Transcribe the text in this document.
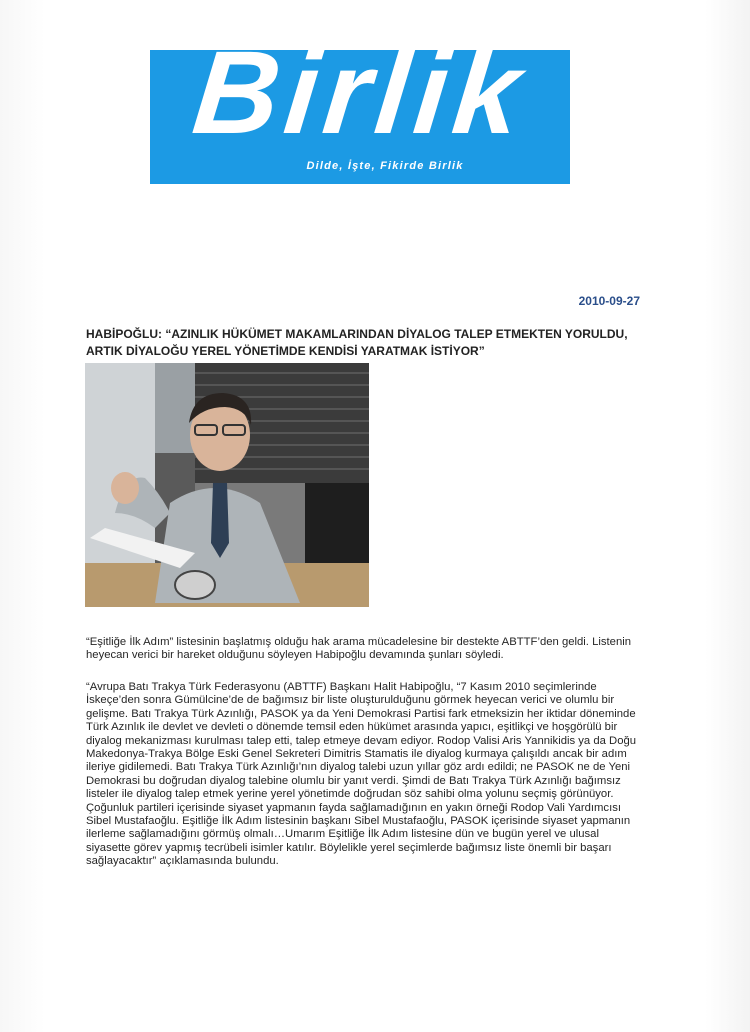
Birlik
Dilde, İşte, Fikirde Birlik
2010-09-27
HABİPOĞLU: “AZINLIK HÜKÜMET MAKAMLARINDAN DİYALOG TALEP ETMEKTEN YORULDU, ARTIK DİYALOĞU YEREL YÖNETİMDE KENDİSİ YARATMAK İSTİYOR”
“Eşitliğe İlk Adım” listesinin başlatmış olduğu hak arama mücadelesine bir destekte ABTTF’den geldi. Listenin heyecan verici bir hareket olduğunu söyleyen Habipoğlu devamında şunları söyledi.
“Avrupa Batı Trakya Türk Federasyonu (ABTTF) Başkanı Halit Habipoğlu, “7 Kasım 2010 seçimlerinde İskeçe’den sonra Gümülcine’de de bağımsız bir liste oluşturulduğunu görmek heyecan verici ve olumlu bir gelişme. Batı Trakya Türk Azınlığı, PASOK ya da Yeni Demokrasi Partisi fark etmeksizin her iktidar döneminde Türk Azınlık ile devlet ve devleti o dönemde temsil eden hükümet arasında yapıcı, eşitlikçi ve hoşgörülü bir diyalog mekanizması kurulması talep etti, talep etmeye devam ediyor. Rodop Valisi Aris Yannikidis ya da Doğu Makedonya-Trakya Bölge Eski Genel Sekreteri Dimitris Stamatis ile diyalog kurmaya çalışıldı ancak bir adım ileriye gidilemedi. Batı Trakya Türk Azınlığı’nın diyalog talebi uzun yıllar göz ardı edildi; ne PASOK ne de Yeni Demokrasi bu doğrudan diyalog talebine olumlu bir yanıt verdi. Şimdi de Batı Trakya Türk Azınlığı bağımsız listeler ile diyalog talep etmek yerine yerel yönetimde doğrudan söz sahibi olma yolunu seçmiş görünüyor. Çoğunluk partileri içerisinde siyaset yapmanın fayda sağlamadığının en yakın örneği Rodop Vali Yardımcısı Sibel Mustafaoğlu. Eşitliğe İlk Adım listesinin başkanı Sibel Mustafaoğlu, PASOK içerisinde siyaset yapmanın ilerleme sağlamadığını görmüş olmalı…Umarım Eşitliğe İlk Adım listesine dün ve bugün yerel ve ulusal siyasette görev yapmış tecrübeli isimler katılır. Böylelikle yerel seçimlerde bağımsız liste önemli bir başarı sağlayacaktır” açıklamasında bulundu.
